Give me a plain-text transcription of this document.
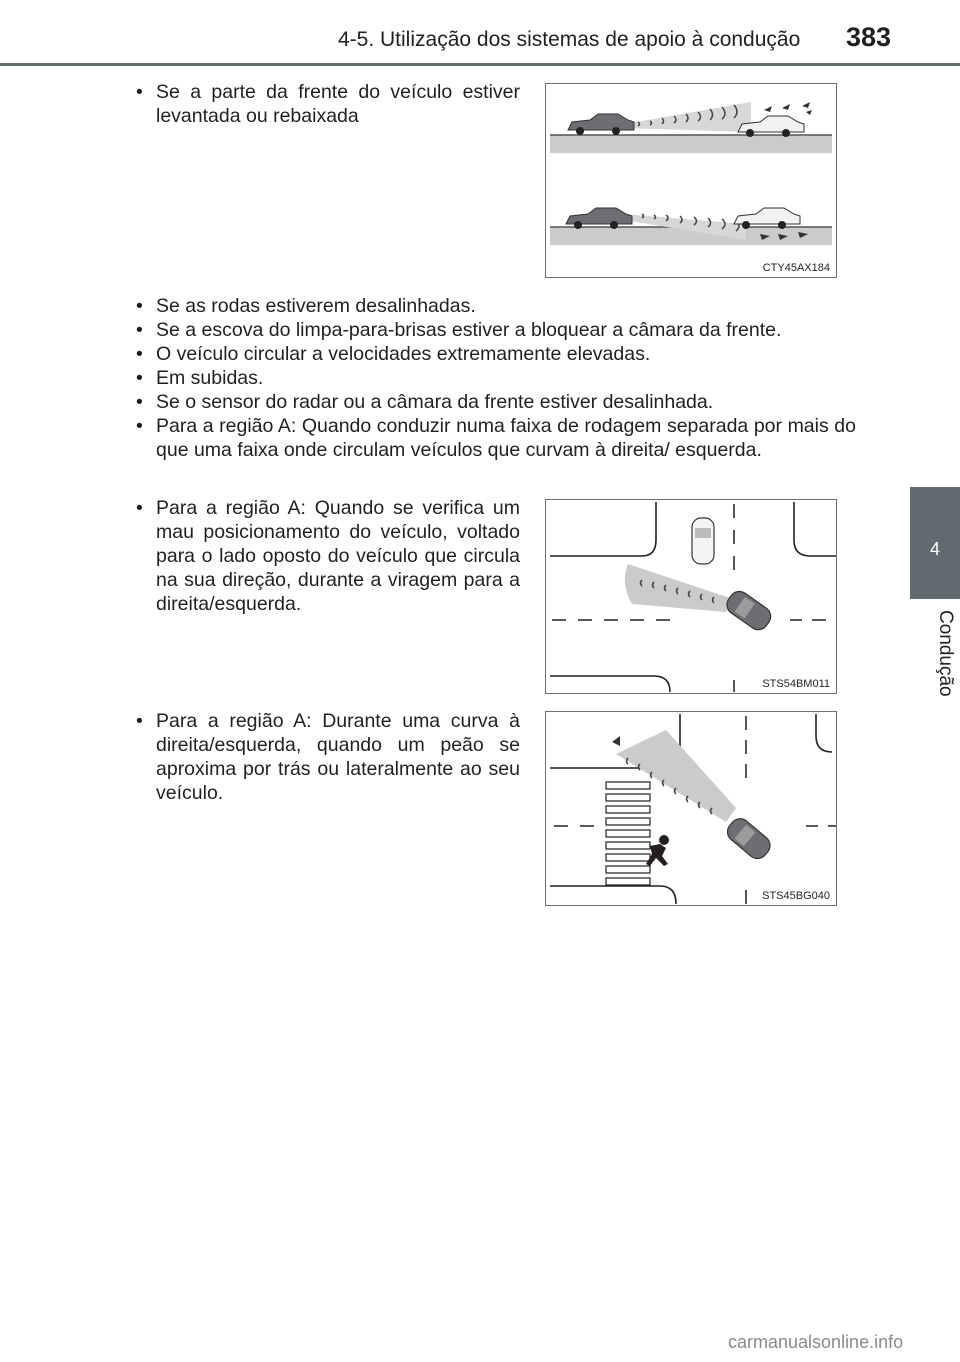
4-5. Utilização dos sistemas de apoio à condução 383
4
Condução
• Se a parte da frente do veículo estiver levantada ou rebaixada
CTY45AX184
• Se as rodas estiverem desalinhadas.
• Se a escova do limpa-para-brisas estiver a bloquear a câmara da frente.
• O veículo circular a velocidades extremamente elevadas.
• Em subidas.
• Se o sensor do radar ou a câmara da frente estiver desalinhada.
• Para a região A: Quando conduzir numa faixa de rodagem separada por mais do que uma faixa onde circulam veículos que curvam à direita/ esquerda.
• Para a região A: Quando se verifica um mau posicionamento do veículo, voltado para o lado oposto do veículo que circula na sua direção, durante a viragem para a direita/esquerda.
STS54BM011
• Para a região A: Durante uma curva à direita/esquerda, quando um peão se aproxima por trás ou lateralmente ao seu veículo.
STS45BG040
carmanualsonline.info
